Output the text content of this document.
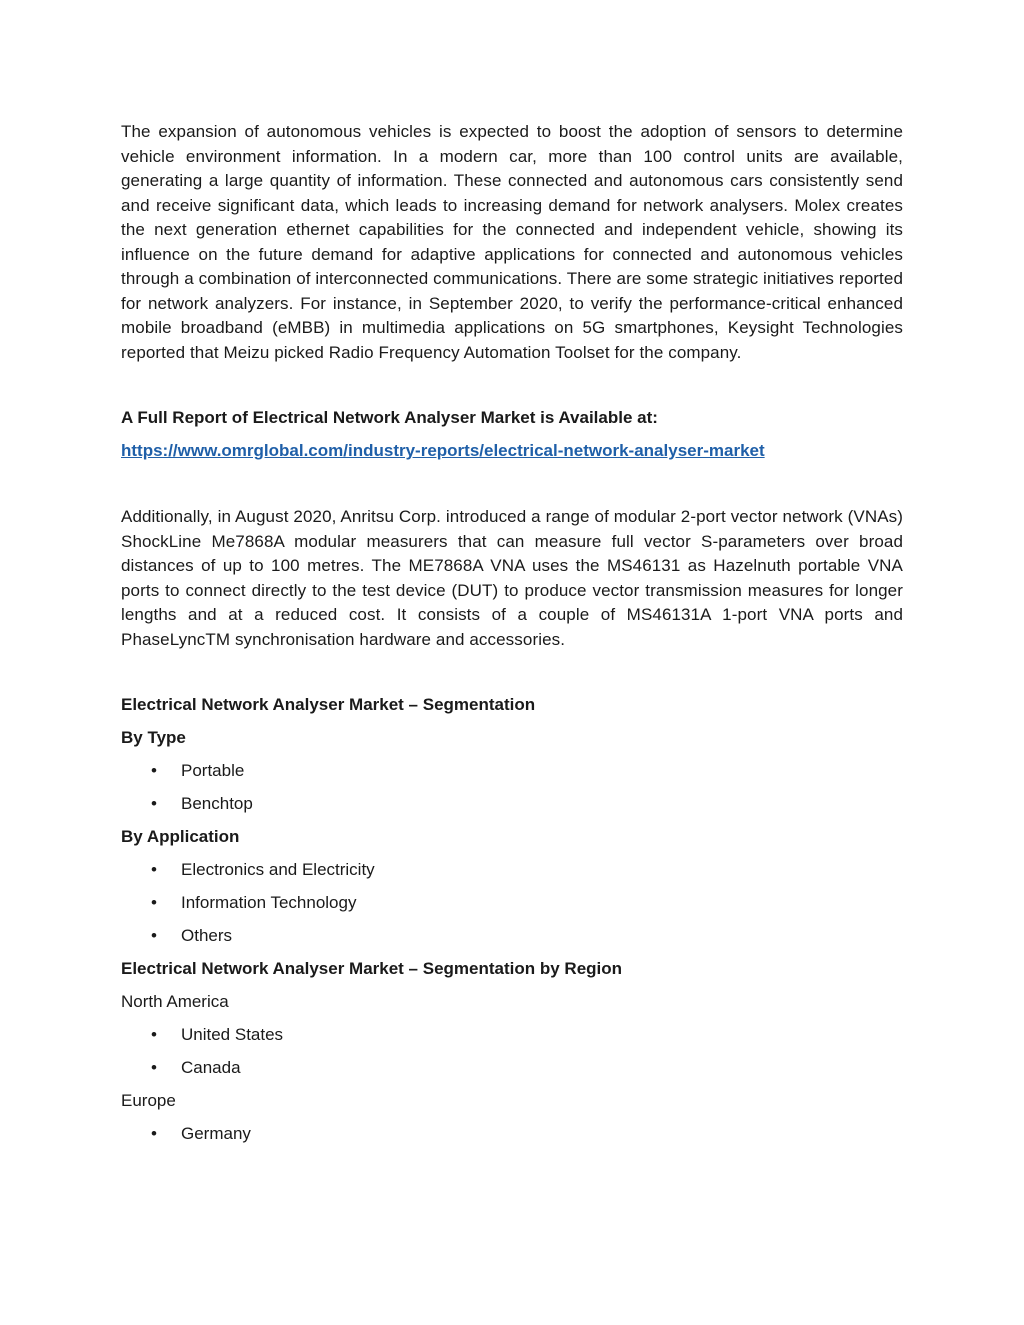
The expansion of autonomous vehicles is expected to boost the adoption of sensors to determine vehicle environment information. In a modern car, more than 100 control units are available, generating a large quantity of information. These connected and autonomous cars consistently send and receive significant data, which leads to increasing demand for network analysers. Molex creates the next generation ethernet capabilities for the connected and independent vehicle, showing its influence on the future demand for adaptive applications for connected and autonomous vehicles through a combination of interconnected communications. There are some strategic initiatives reported for network analyzers. For instance, in September 2020, to verify the performance-critical enhanced mobile broadband (eMBB) in multimedia applications on 5G smartphones, Keysight Technologies reported that Meizu picked Radio Frequency Automation Toolset for the company.

A Full Report of Electrical Network Analyser Market is Available at:

https://www.omrglobal.com/industry-reports/electrical-network-analyser-market

Additionally, in August 2020, Anritsu Corp. introduced a range of modular 2-port vector network (VNAs) ShockLine Me7868A modular measurers that can measure full vector S-parameters over broad distances of up to 100 metres. The ME7868A VNA uses the MS46131 as Hazelnuth portable VNA ports to connect directly to the test device (DUT) to produce vector transmission measures for longer lengths and at a reduced cost. It consists of a couple of MS46131A 1-port VNA ports and PhaseLyncTM synchronisation hardware and accessories.

Electrical Network Analyser Market – Segmentation

By Type

• Portable
• Benchtop

By Application

• Electronics and Electricity
• Information Technology
• Others

Electrical Network Analyser Market – Segmentation by Region

North America

• United States
• Canada

Europe

• Germany
